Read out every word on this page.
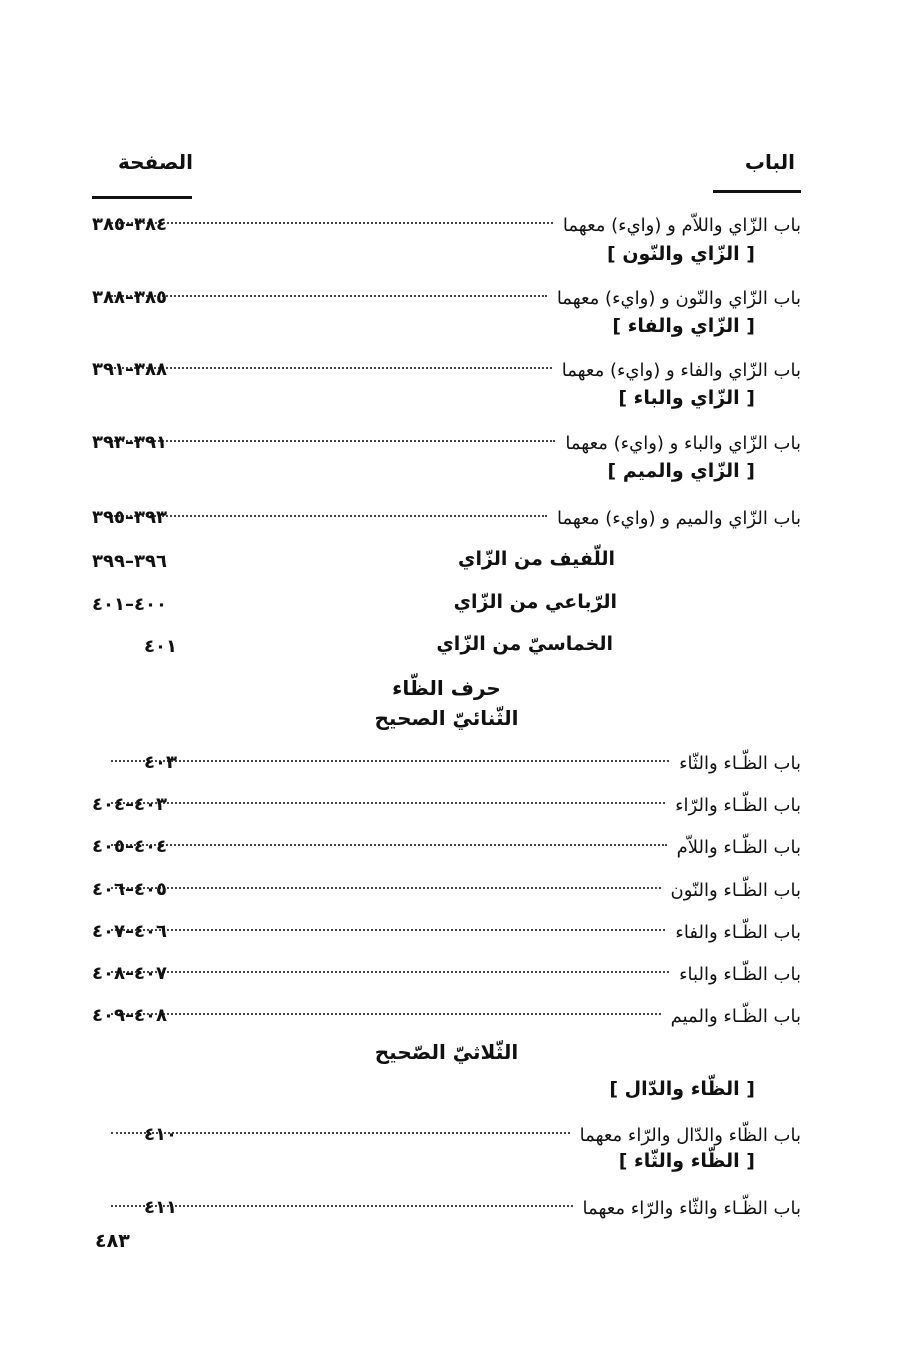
الباب
الصفحة
باب الزّاي واللاّم و (وايء) معهما
٣٨٤–٣٨٥
[ الزّاي والنّون ]
باب الزّاي والنّون و (وايء) معهما
٣٨٥–٣٨٨
[ الزّاي والفاء ]
باب الزّاي والفاء و (وايء) معهما
٣٨٨–٣٩١
[ الزّاي والباء ]
باب الزّاي والباء و (وايء) معهما
٣٩١–٣٩٣
[ الزّاي والميم ]
باب الزّاي والميم و (وايء) معهما
٣٩٣–٣٩٥
اللّفيف من الزّاي
٣٩٦–٣٩٩
الرّباعي من الزّاي
٤٠٠–٤٠١
الخماسيّ من الزّاي
٤٠١
حرف الظّاء
الثّنائيّ الصحيح
باب الظّـاء والثّاء
٤٠٣
باب الظّـاء والرّاء
٤٠٣–٤٠٤
باب الظّـاء واللاّم
٤٠٤–٤٠٥
باب الظّـاء والنّون
٤٠٥–٤٠٦
باب الظّـاء والفاء
٤٠٦–٤٠٧
باب الظّـاء والباء
٤٠٧–٤٠٨
باب الظّـاء والميم
٤٠٨–٤٠٩
الثّلاثيّ الصّحيح
[ الظّاء والدّال ]
باب الظّاء والدّال والرّاء معهما
٤١٠
[ الظّاء والثّاء ]
باب الظّـاء والثّاء والرّاء معهما
٤١١
٤٨٣
